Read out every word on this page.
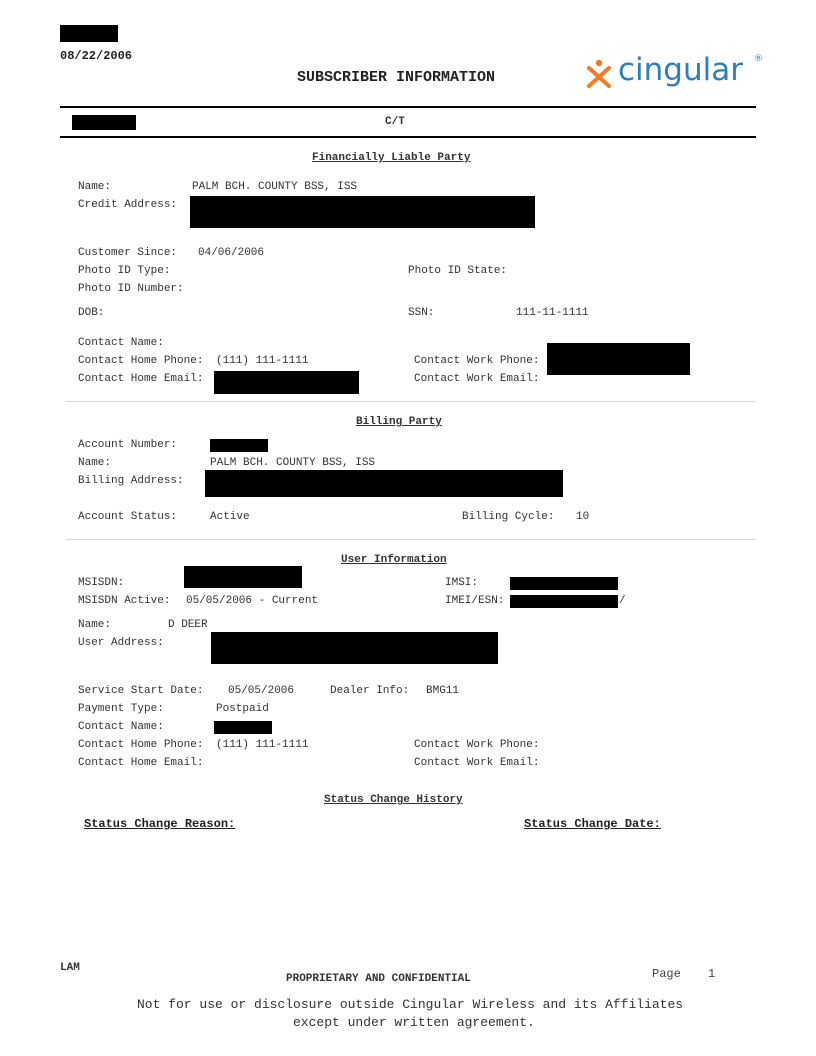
08/22/2006
SUBSCRIBER INFORMATION	cingular ®
C/T
Financially Liable Party
Name:	PALM BCH. COUNTY BSS, ISS
Credit Address:
Customer Since: 04/06/2006
Photo ID Type:	Photo ID State:
Photo ID Number:
DOB:	SSN:	111-11-1111
Contact Name:
Contact Home Phone: (111) 111-1111	Contact Work Phone:
Contact Home Email:	Contact Work Email:
Billing Party
Account Number:
Name:	PALM BCH. COUNTY BSS, ISS
Billing Address:
Account Status:	Active	Billing Cycle: 10
User Information
MSISDN:	IMSI:
MSISDN Active: 05/05/2006 - Current	IMEI/ESN:	/
Name:	D DEER
User Address:
Service Start Date: 05/05/2006	Dealer Info: BMG11
Payment Type:	Postpaid
Contact Name:
Contact Home Phone: (111) 111-1111	Contact Work Phone:
Contact Home Email:	Contact Work Email:
Status Change History
Status Change Reason:	Status Change Date:
LAM
PROPRIETARY AND CONFIDENTIAL	Page 1
Not for use or disclosure outside Cingular Wireless and its Affiliates
except under written agreement.
